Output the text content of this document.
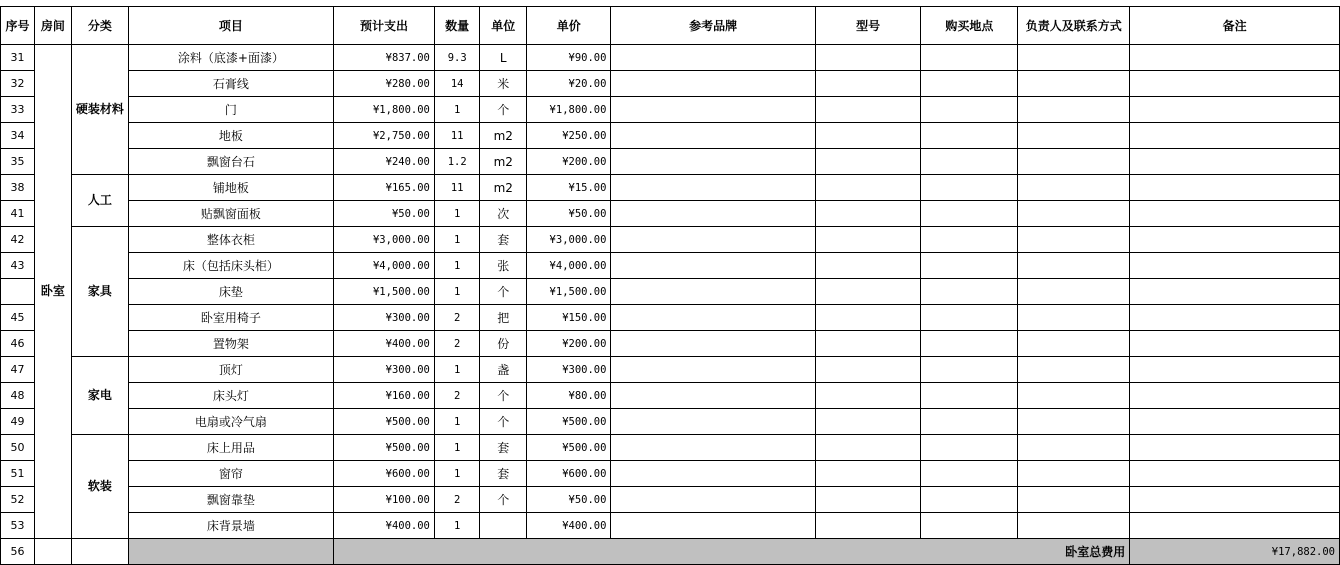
序号	房间	分类	项目	预计支出	数量	单位	单价	参考品牌	型号	购买地点	负责人及联系方式	备注
31	卧室	硬装材料	涂料（底漆+面漆）	¥837.00	9.3	L	¥90.00					
32			石膏线	¥280.00	14	米	¥20.00					
33			门	¥1,800.00	1	个	¥1,800.00					
34			地板	¥2,750.00	11	m2	¥250.00					
35			飘窗台石	¥240.00	1.2	m2	¥200.00					
38		人工	铺地板	¥165.00	11	m2	¥15.00					
41			贴飘窗面板	¥50.00	1	次	¥50.00					
42		家具	整体衣柜	¥3,000.00	1	套	¥3,000.00					
43			床（包括床头柜）	¥4,000.00	1	张	¥4,000.00					
			床垫	¥1,500.00	1	个	¥1,500.00					
45			卧室用椅子	¥300.00	2	把	¥150.00					
46			置物架	¥400.00	2	份	¥200.00					
47		家电	顶灯	¥300.00	1	盏	¥300.00					
48			床头灯	¥160.00	2	个	¥80.00					
49			电扇或冷气扇	¥500.00	1	个	¥500.00					
50		软装	床上用品	¥500.00	1	套	¥500.00					
51			窗帘	¥600.00	1	套	¥600.00					
52			飘窗靠垫	¥100.00	2	个	¥50.00					
53			床背景墙	¥400.00	1		¥400.00					
56				卧室总费用								¥17,882.00
